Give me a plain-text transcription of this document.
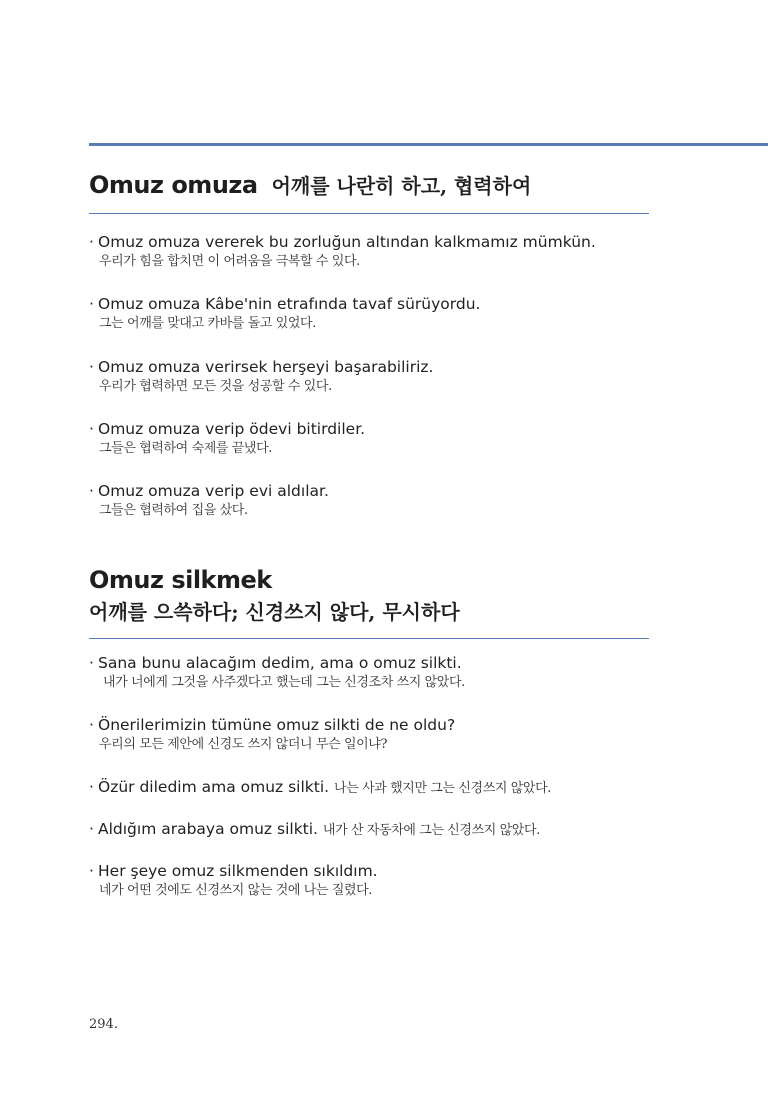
Omuz omuza 어깨를 나란히 하고, 협력하여
· Omuz omuza vererek bu zorluğun altından kalkmamız mümkün.
우리가 힘을 합치면 이 어려움을 극복할 수 있다.
· Omuz omuza Kâbe'nin etrafında tavaf sürüyordu.
그는 어깨를 맞대고 카바를 돌고 있었다.
· Omuz omuza verirsek herşeyi başarabiliriz.
우리가 협력하면 모든 것을 성공할 수 있다.
· Omuz omuza verip ödevi bitirdiler.
그들은 협력하여 숙제를 끝냈다.
· Omuz omuza verip evi aldılar.
그들은 협력하여 집을 샀다.
Omuz silkmek
어깨를 으쓱하다; 신경쓰지 않다, 무시하다
· Sana bunu alacağım dedim, ama o omuz silkti.
내가 너에게 그것을 사주겠다고 했는데 그는 신경조차 쓰지 않았다.
· Önerilerimizin tümüne omuz silkti de ne oldu?
우리의 모든 제안에 신경도 쓰지 않더니 무슨 일이냐?
· Özür diledim ama omuz silkti. 나는 사과 했지만 그는 신경쓰지 않았다.
· Aldığım arabaya omuz silkti. 내가 산 자동차에 그는 신경쓰지 않았다.
· Her şeye omuz silkmenden sıkıldım.
네가 어떤 것에도 신경쓰지 않는 것에 나는 질렸다.
294.
